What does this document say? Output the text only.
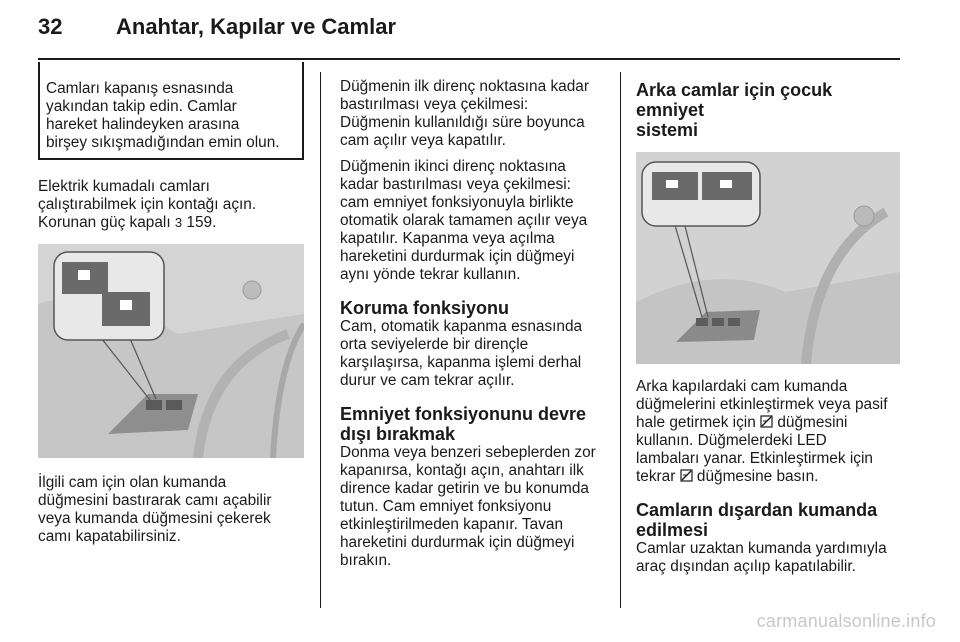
32	Anahtar, Kapılar ve Camlar

Camları kapanış esnasında

yakından takip edin. Camlar

hareket halindeyken arasına

birşey sıkışmadığından emin olun.

Elektrik kumadalı camları

çalıştırabilmek için kontağı açın.

Korunan güç kapalı 3 159.

İlgili cam için olan kumanda

düğmesini bastırarak camı açabilir

veya kumanda düğmesini çekerek

camı kapatabilirsiniz.

Düğmenin ilk direnç noktasına kadar

bastırılması veya çekilmesi:

Düğmenin kullanıldığı süre boyunca

cam açılır veya kapatılır.

Düğmenin ikinci direnç noktasına

kadar bastırılması veya çekilmesi:

cam emniyet fonksiyonuyla birlikte

otomatik olarak tamamen açılır veya

kapatılır. Kapanma veya açılma

hareketini durdurmak için düğmeyi

aynı yönde tekrar kullanın.

Koruma fonksiyonu

Cam, otomatik kapanma esnasında

orta seviyelerde bir dirençle

karşılaşırsa, kapanma işlemi derhal

durur ve cam tekrar açılır.

Emniyet fonksiyonunu devre
dışı bırakmak

Donma veya benzeri sebeplerden zor

kapanırsa, kontağı açın, anahtarı ilk

dirence kadar getirin ve bu konumda

tutun. Cam emniyet fonksiyonu

etkinleştirilmeden kapanır. Tavan

hareketini durdurmak için düğmeyi

bırakın.

Arka camlar için çocuk emniyet
sistemi

Arka kapılardaki cam kumanda

düğmelerini etkinleştirmek veya pasif

hale getirmek için düğmesini

kullanın. Düğmelerdeki LED

lambaları yanar. Etkinleştirmek için

tekrar düğmesine basın.

Camların dışardan kumanda
edilmesi

Camlar uzaktan kumanda yardımıyla

araç dışından açılıp kapatılabilir.

carmanualsonline.info
